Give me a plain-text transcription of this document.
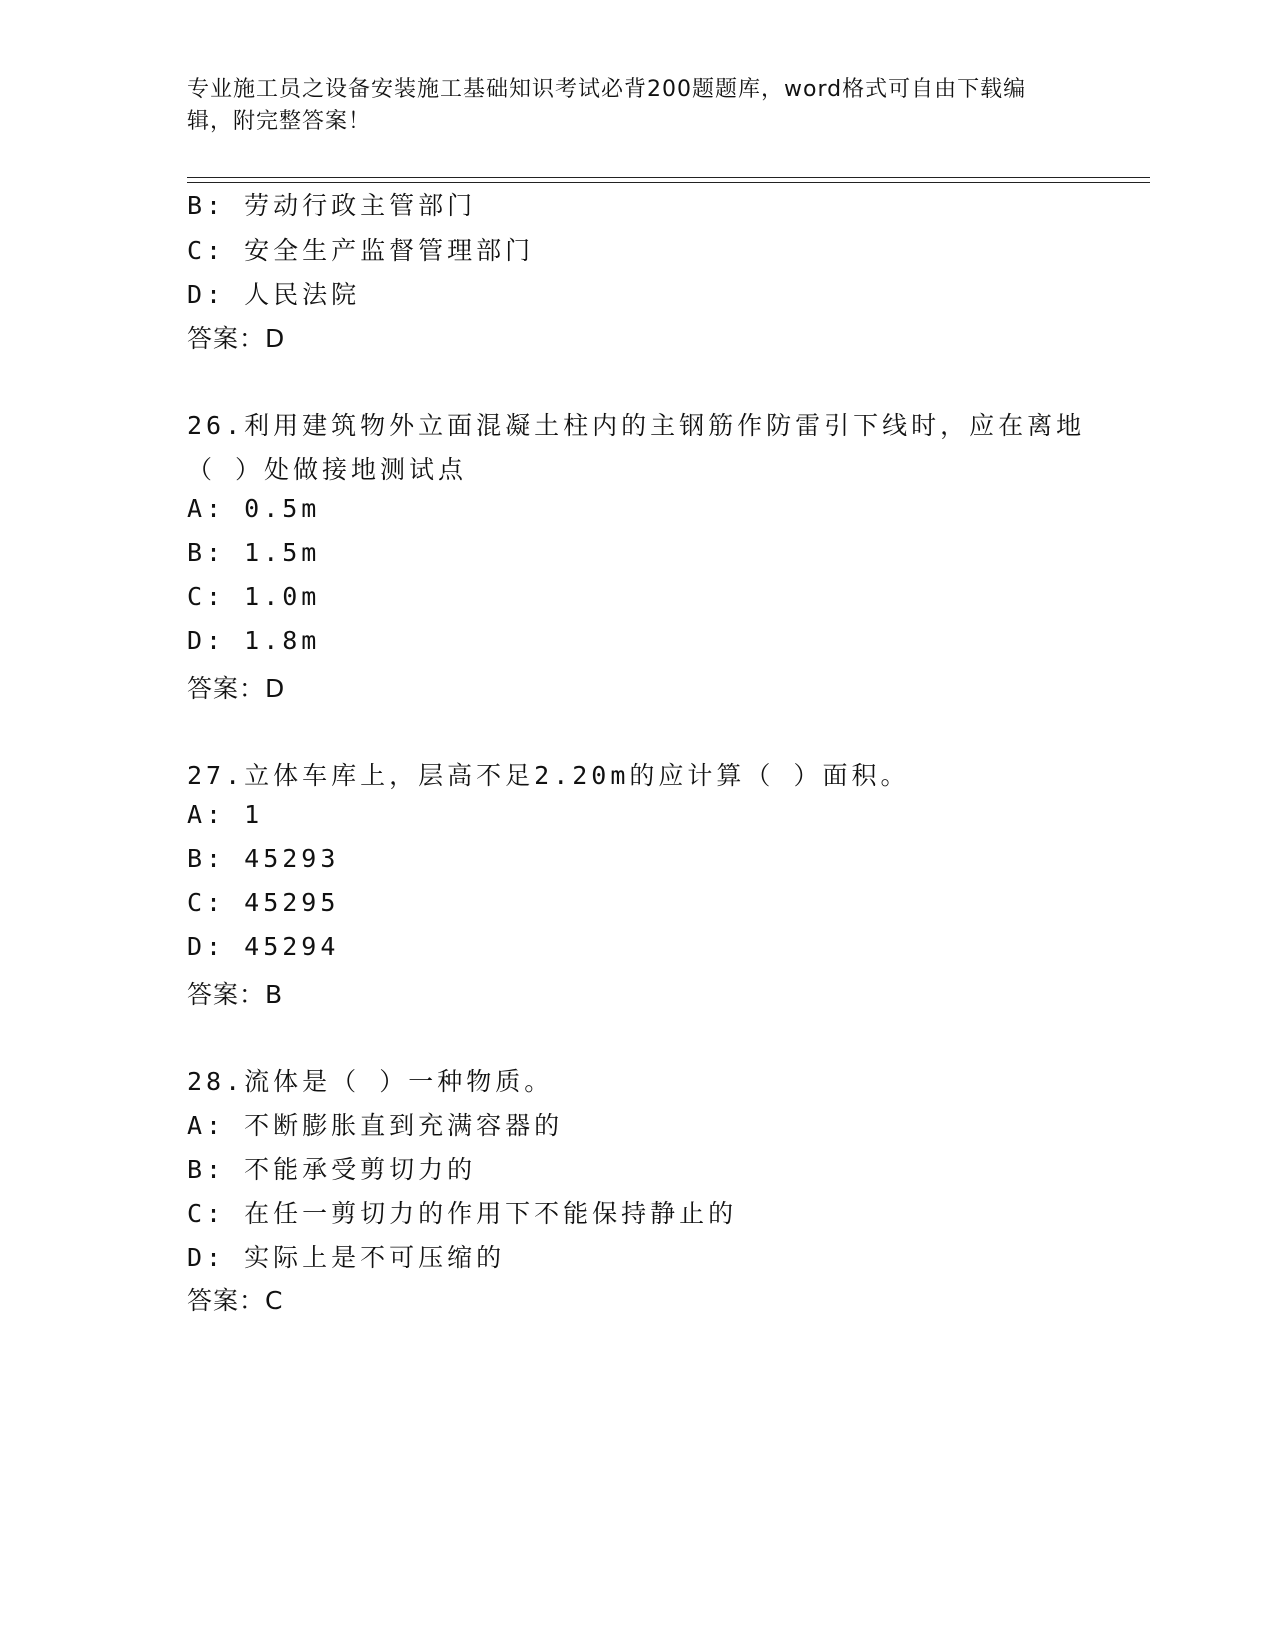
专业施工员之设备安装施工基础知识考试必背200题题库，word格式可自由下载编辑，附完整答案！
B: 劳动行政主管部门
C: 安全生产监督管理部门
D: 人民法院
答案：D
26.利用建筑物外立面混凝土柱内的主钢筋作防雷引下线时，应在离地
（ ）处做接地测试点
A: 0.5m
B: 1.5m
C: 1.0m
D: 1.8m
答案：D
27.立体车库上，层高不足2.20m的应计算（ ）面积。
A: 1
B: 45293
C: 45295
D: 45294
答案：B
28.流体是（ ）一种物质。
A: 不断膨胀直到充满容器的
B: 不能承受剪切力的
C: 在任一剪切力的作用下不能保持静止的
D: 实际上是不可压缩的
答案：C
